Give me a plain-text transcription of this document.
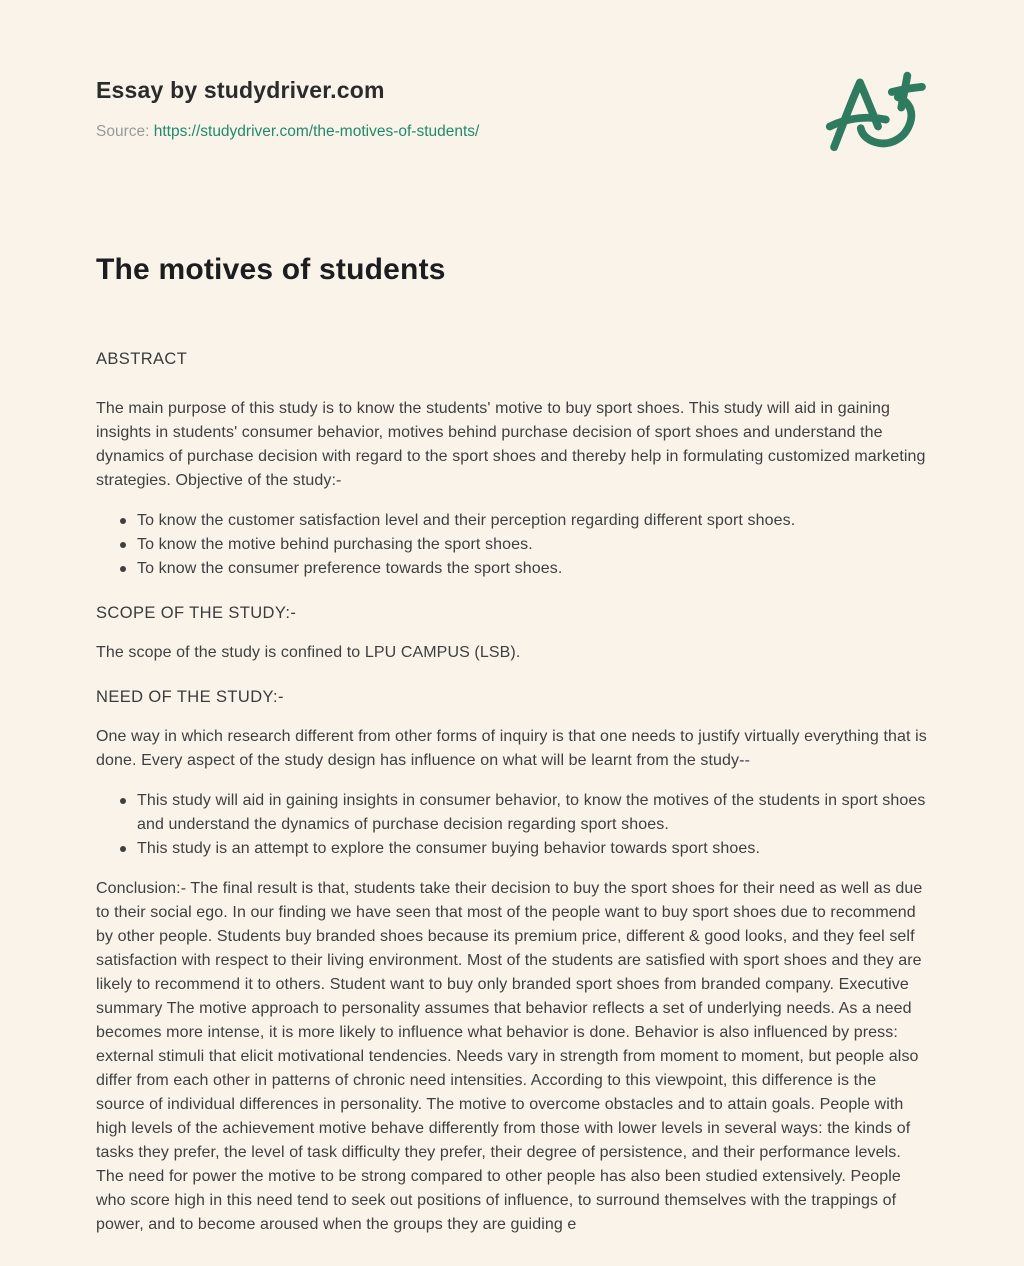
Essay by studydriver.com
Source: https://studydriver.com/the-motives-of-students/
The motives of students
ABSTRACT

The main purpose of this study is to know the students' motive to buy sport shoes. This study will aid in gaining insights in students' consumer behavior, motives behind purchase decision of sport shoes and understand the dynamics of purchase decision with regard to the sport shoes and thereby help in formulating customized marketing strategies. Objective of the study:-

To know the customer satisfaction level and their perception regarding different sport shoes.
To know the motive behind purchasing the sport shoes.
To know the consumer preference towards the sport shoes.
SCOPE OF THE STUDY:-

The scope of the study is confined to LPU CAMPUS (LSB).

NEED OF THE STUDY:-

One way in which research different from other forms of inquiry is that one needs to justify virtually everything that is done. Every aspect of the study design has influence on what will be learnt from the study--

This study will aid in gaining insights in consumer behavior, to know the motives of the students in sport shoes and understand the dynamics of purchase decision regarding sport shoes.
This study is an attempt to explore the consumer buying behavior towards sport shoes.

Conclusion:- The final result is that, students take their decision to buy the sport shoes for their need as well as due to their social ego. In our finding we have seen that most of the people want to buy sport shoes due to recommend by other people. Students buy branded shoes because its premium price, different & good looks, and they feel self satisfaction with respect to their living environment. Most of the students are satisfied with sport shoes and they are likely to recommend it to others. Student want to buy only branded sport shoes from branded company. Executive summary The motive approach to personality assumes that behavior reflects a set of underlying needs. As a need becomes more intense, it is more likely to influence what behavior is done. Behavior is also influenced by press: external stimuli that elicit motivational tendencies. Needs vary in strength from moment to moment, but people also differ from each other in patterns of chronic need intensities. According to this viewpoint, this difference is the source of individual differences in personality. The motive to overcome obstacles and to attain goals. People with high levels of the achievement motive behave differently from those with lower levels in several ways: the kinds of tasks they prefer, the level of task difficulty they prefer, their degree of persistence, and their performance levels. The need for power the motive to be strong compared to other people has also been studied extensively. People who score high in this need tend to seek out positions of influence, to surround themselves with the trappings of power, and to become aroused when the groups they are guiding e
